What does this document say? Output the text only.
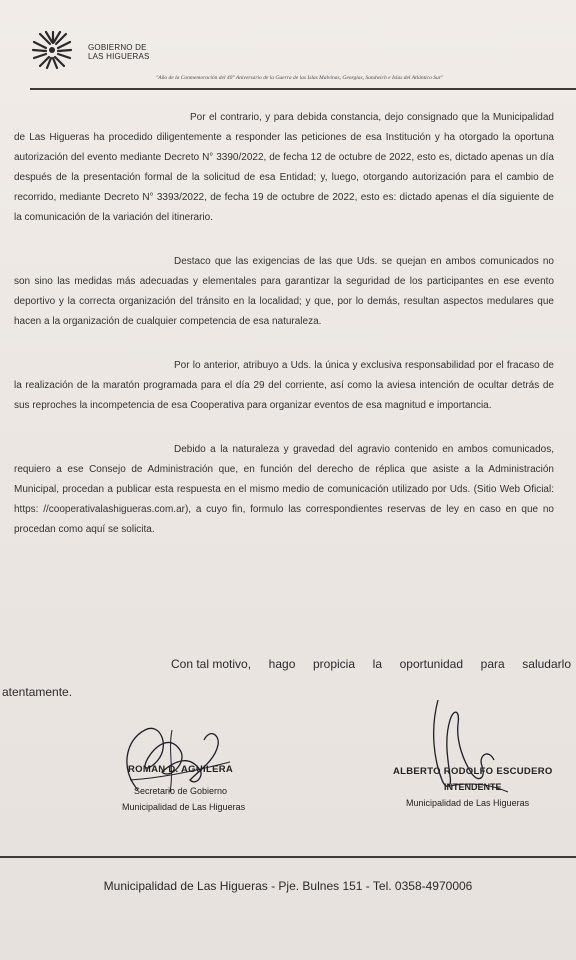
GOBIERNO DE
LAS HIGUERAS
"Año de la Conmemoración del 40° Aniversario de la Guerra de las Islas Malvinas, Georgias, Sandwich e Islas del Atlántico Sur"

Por el contrario, y para debida constancia, dejo consignado que la Municipalidad de Las Higueras ha procedido diligentemente a responder las peticiones de esa Institución y ha otorgado la oportuna autorización del evento mediante Decreto N° 3390/2022, de fecha 12 de octubre de 2022, esto es, dictado apenas un día después de la presentación formal de la solicitud de esa Entidad; y, luego, otorgando autorización para el cambio de recorrido, mediante Decreto N° 3393/2022, de fecha 19 de octubre de 2022, esto es: dictado apenas el día siguiente de la comunicación de la variación del itinerario.

Destaco que las exigencias de las que Uds. se quejan en ambos comunicados no son sino las medidas más adecuadas y elementales para garantizar la seguridad de los participantes en ese evento deportivo y la correcta organización del tránsito en la localidad; y que, por lo demás, resultan aspectos medulares que hacen a la organización de cualquier competencia de esa naturaleza.

Por lo anterior, atribuyo a Uds. la única y exclusiva responsabilidad por el fracaso de la realización de la maratón programada para el día 29 del corriente, así como la aviesa intención de ocultar detrás de sus reproches la incompetencia de esa Cooperativa para organizar eventos de esa magnitud e importancia.

Debido a la naturaleza y gravedad del agravio contenido en ambos comunicados, requiero a ese Consejo de Administración que, en función del derecho de réplica que asiste a la Administración Municipal, procedan a publicar esta respuesta en el mismo medio de comunicación utilizado por Uds. (Sitio Web Oficial: https: //cooperativalashigueras.com.ar), a cuyo fin, formulo las correspondientes reservas de ley en caso en que no procedan como aquí se solicita.

Con tal motivo, hago propicia la oportunidad para saludarlo
atentamente.
ROMAN D. AGUILERA
Secretario de Gobierno
Municipalidad de Las Higueras
ALBERTO RODOLFO ESCUDERO
INTENDENTE
Municipalidad de Las Higueras
Municipalidad de Las Higueras - Pje. Bulnes 151 - Tel. 0358-4970006
